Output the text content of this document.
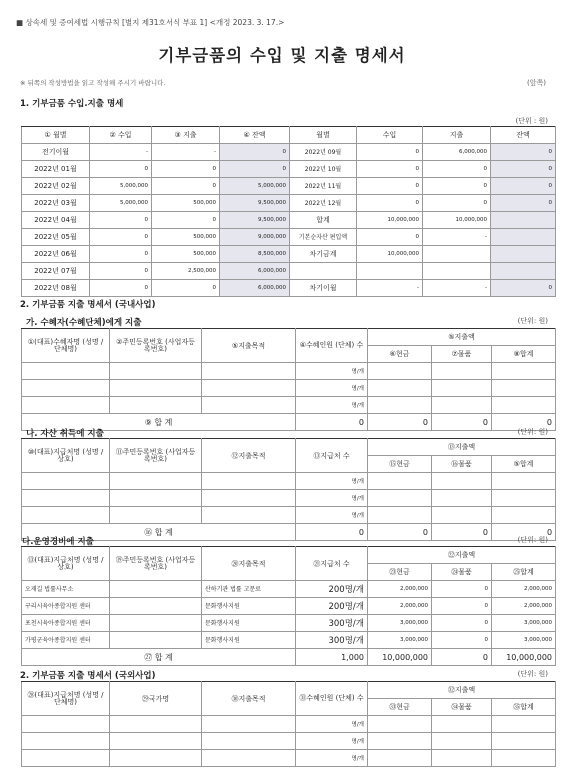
■ 상속세 및 증여세법 시행규칙 [별지 제31호서식 부표 1] <개정 2023. 3. 17.>
기부금품의 수입 및 지출 명세서
※ 뒤쪽의 작성방법을 읽고 작성해 주시기 바랍니다.	(앞쪽)
1. 기부금품 수입.지출 명세
(단위 : 원)
① 월별	② 수입	③ 지출	④ 잔액	월별	수입	지출	잔액
전기이월	-	-	0	2022년 09월	0	6,000,000	0
2022년 01월	0	0	0	2022년 10월	0	0	0
2022년 02월	5,000,000	0	5,000,000	2022년 11월	0	0	0
2022년 03월	5,000,000	500,000	9,500,000	2022년 12월	0	0	0
2022년 04월	0	0	9,500,000	합계	10,000,000	10,000,000	
2022년 05월	0	500,000	9,000,000	기본순자산 편입액	0	-	
2022년 06월	0	500,000	8,500,000	차기금계	10,000,000		
2022년 07월	0	2,500,000	6,000,000				
2022년 08월	0	0	6,000,000	차기이월	-	-	0
2. 기부금품 지출 명세서 (국내사업)
가. 수혜자(수혜단체)에게 지출	(단위: 원)
①(대표)수혜자명 (성명 / 단체명)	②주민등록번호 (사업자등록번호)	⑤지출목적	④수혜인원 (단체) 수	⑤지출액		
				⑥현금	⑦물품	⑧합계
			명/개			
			명/개			
			명/개			
⑨ 합 계			0	0	0	0
나. 자산 취득에 지출	(단위: 원)
⑩(대표)지급처명 (성명 / 상호)	⑪주민등록번호 (사업자등록번호)	⑫지출목적	⑬지급처 수	⑬지출액		
				⑮현금	⑯물품	⑤합계
			명/개			
			명/개			
			명/개			
⑯ 합 계			0	0	0	0
다.운영경비에 지출	(단위: 원)
⑬(대표)지급처명 (성명 / 상호)	⑲주민등록번호 (사업자등록번호)	⑳지출목적	㉑지급처 수	㉒지출액		
				㉓현금	㉔물품	㉕합계
오재길 법률사무소		산하기관 법률 고문료	200명/개	2,000,000	0	2,000,000
구리시육아종합지원 센터		문화행사지원	200명/개	2,000,000	0	2,000,000
포천시육아종합지원 센터		문화행사지원	300명/개	3,000,000	0	3,000,000
가평군육아종합지원 센터		문화행사지원	300명/개	3,000,000	0	3,000,000
㉗ 합 계			1,000	10,000,000	0	10,000,000
2. 기부금품 지출 명세서 (국외사업)	(단위: 원)
㉘(대표)지급처명 (성명 / 단체명)	㉙국가명	㉚지출목적	㉛수혜인원 (단체) 수	㉜지출액		
				㉝현금	㉞물품	㉟합계
			명/개			
			명/개			
			명/개			
